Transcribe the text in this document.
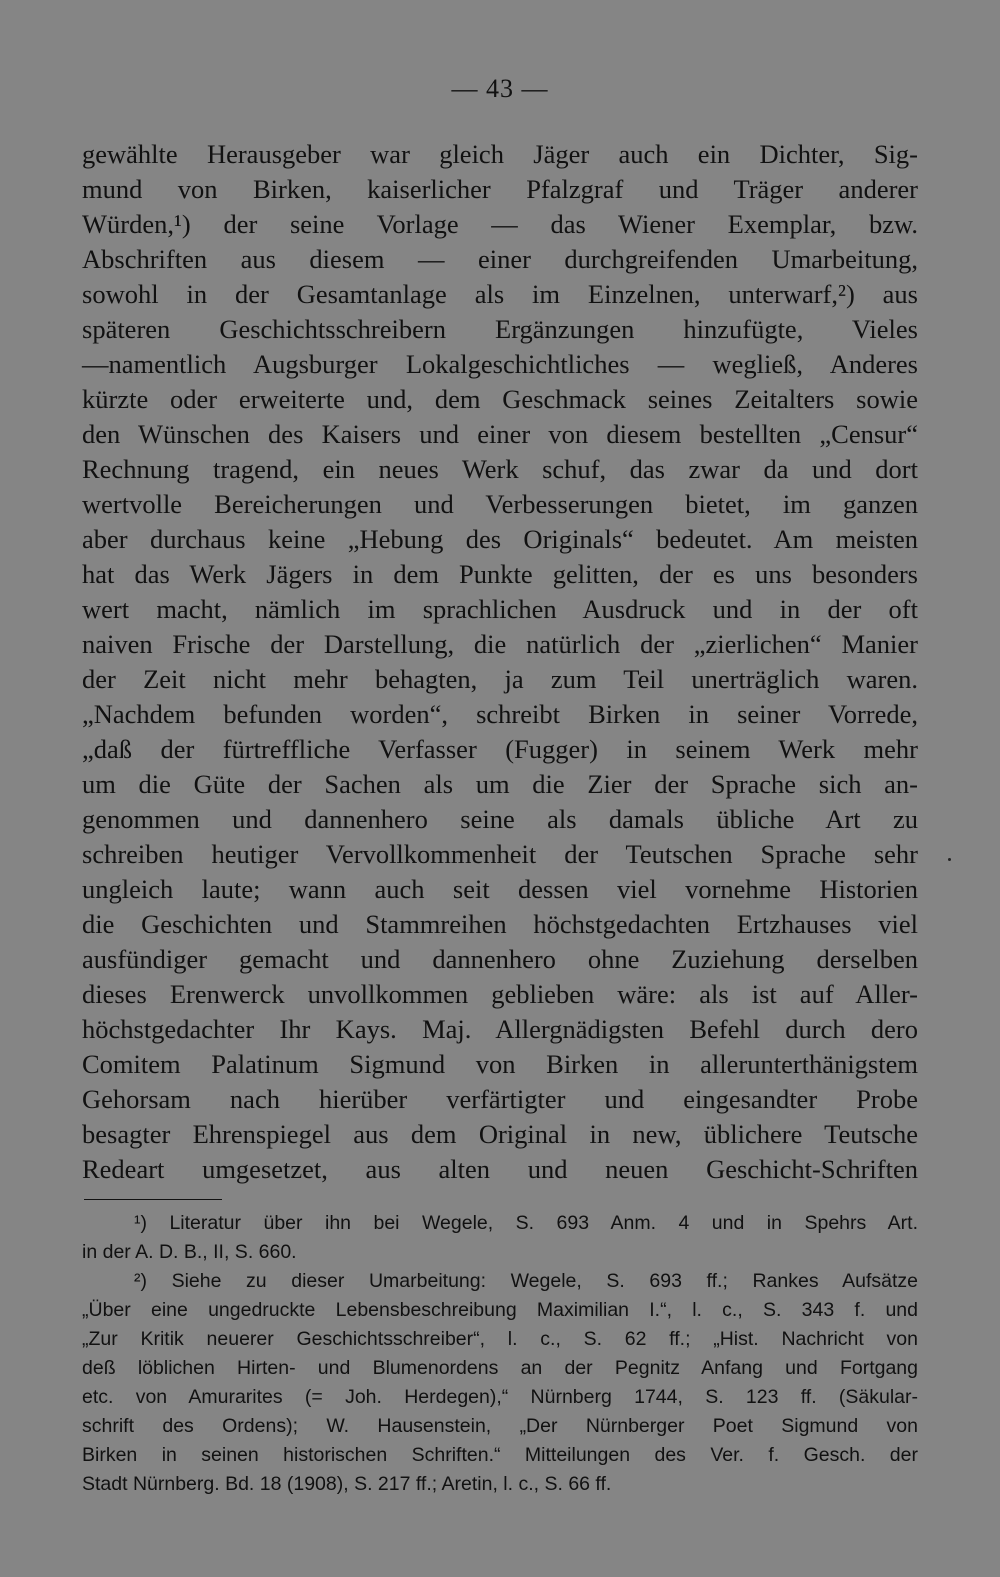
— 43 —
gewählte Herausgeber war gleich Jäger auch ein Dichter, Sig-
mund von Birken, kaiserlicher Pfalzgraf und Träger anderer
Würden,¹) der seine Vorlage — das Wiener Exemplar, bzw.
Abschriften aus diesem — einer durchgreifenden Umarbeitung,
sowohl in der Gesamtanlage als im Einzelnen, unterwarf,²) aus
späteren Geschichtsschreibern Ergänzungen hinzufügte, Vieles
—namentlich Augsburger Lokalgeschichtliches — wegließ, Anderes
kürzte oder erweiterte und, dem Geschmack seines Zeitalters sowie
den Wünschen des Kaisers und einer von diesem bestellten „Censur“
Rechnung tragend, ein neues Werk schuf, das zwar da und dort
wertvolle Bereicherungen und Verbesserungen bietet, im ganzen
aber durchaus keine „Hebung des Originals“ bedeutet. Am meisten
hat das Werk Jägers in dem Punkte gelitten, der es uns besonders
wert macht, nämlich im sprachlichen Ausdruck und in der oft
naiven Frische der Darstellung, die natürlich der „zierlichen“ Manier
der Zeit nicht mehr behagten, ja zum Teil unerträglich waren.
„Nachdem befunden worden“, schreibt Birken in seiner Vorrede,
„daß der fürtreffliche Verfasser (Fugger) in seinem Werk mehr
um die Güte der Sachen als um die Zier der Sprache sich an-
genommen und dannenhero seine als damals übliche Art zu
schreiben heutiger Vervollkommenheit der Teutschen Sprache sehr
ungleich laute; wann auch seit dessen viel vornehme Historien
die Geschichten und Stammreihen höchstgedachten Ertzhauses viel
ausfündiger gemacht und dannenhero ohne Zuziehung derselben
dieses Erenwerck unvollkommen geblieben wäre: als ist auf Aller-
höchstgedachter Ihr Kays. Maj. Allergnädigsten Befehl durch dero
Comitem Palatinum Sigmund von Birken in allerunterthänigstem
Gehorsam nach hierüber verfärtigter und eingesandter Probe
besagter Ehrenspiegel aus dem Original in new, üblichere Teutsche
Redeart umgesetzet, aus alten und neuen Geschicht-Schriften
¹) Literatur über ihn bei Wegele, S. 693 Anm. 4 und in Spehrs Art.
in der A. D. B., II, S. 660.
²) Siehe zu dieser Umarbeitung: Wegele, S. 693 ff.; Rankes Aufsätze
„Über eine ungedruckte Lebensbeschreibung Maximilian I.“, l. c., S. 343 f. und
„Zur Kritik neuerer Geschichtsschreiber“, l. c., S. 62 ff.; „Hist. Nachricht von
deß löblichen Hirten- und Blumenordens an der Pegnitz Anfang und Fortgang
etc. von Amurarites (= Joh. Herdegen),“ Nürnberg 1744, S. 123 ff. (Säkular-
schrift des Ordens); W. Hausenstein, „Der Nürnberger Poet Sigmund von
Birken in seinen historischen Schriften.“ Mitteilungen des Ver. f. Gesch. der
Stadt Nürnberg. Bd. 18 (1908), S. 217 ff.; Aretin, l. c., S. 66 ff.
